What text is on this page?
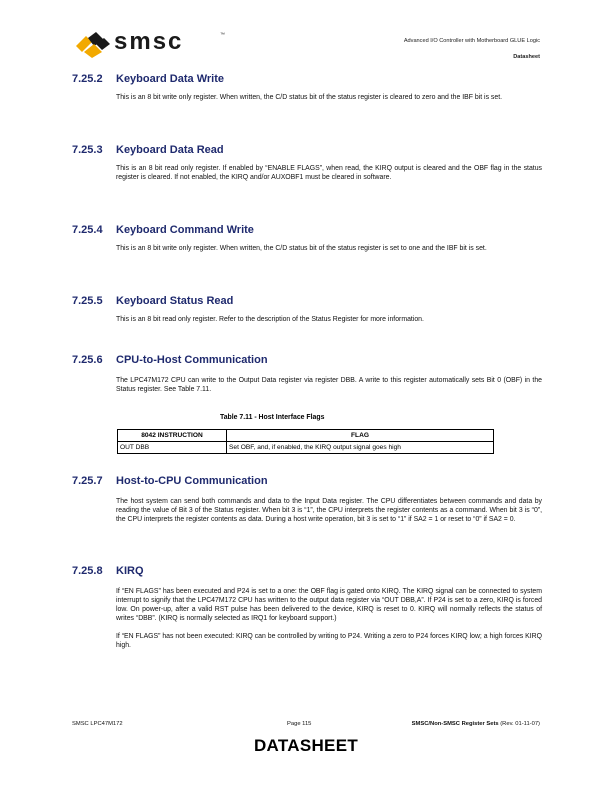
smsc	™
Advanced I/O Controller with Motherboard GLUE Logic
Datasheet
7.25.2 Keyboard Data Write
This is an 8 bit write only register. When written, the C/D status bit of the status register is cleared to zero and the IBF bit is set.
7.25.3 Keyboard Data Read
This is an 8 bit read only register. If enabled by “ENABLE FLAGS”, when read, the KIRQ output is cleared and the OBF flag in the status register is cleared. If not enabled, the KIRQ and/or AUXOBF1 must be cleared in software.
7.25.4 Keyboard Command Write
This is an 8 bit write only register. When written, the C/D status bit of the status register is set to one and the IBF bit is set.
7.25.5 Keyboard Status Read
This is an 8 bit read only register. Refer to the description of the Status Register for more information.
7.25.6 CPU-to-Host Communication
The LPC47M172 CPU can write to the Output Data register via register DBB. A write to this register automatically sets Bit 0 (OBF) in the Status register. See Table 7.11.
Table 7.11 - Host Interface Flags
8042 INSTRUCTION	FLAG
OUT DBB	Set OBF, and, if enabled, the KIRQ output signal goes high
7.25.7 Host-to-CPU Communication
The host system can send both commands and data to the Input Data register. The CPU differentiates between commands and data by reading the value of Bit 3 of the Status register. When bit 3 is “1”, the CPU interprets the register contents as a command. When bit 3 is “0”, the CPU interprets the register contents as data. During a host write operation, bit 3 is set to “1” if SA2 = 1 or reset to “0” if SA2 = 0.
7.25.8 KIRQ
If “EN FLAGS” has been executed and P24 is set to a one: the OBF flag is gated onto KIRQ. The KIRQ signal can be connected to system interrupt to signify that the LPC47M172 CPU has written to the output data register via “OUT DBB,A”. If P24 is set to a zero, KIRQ is forced low. On power-up, after a valid RST pulse has been delivered to the device, KIRQ is reset to 0. KIRQ will normally reflects the status of writes “DBB”. (KIRQ is normally selected as IRQ1 for keyboard support.)
If “EN FLAGS” has not been executed: KIRQ can be controlled by writing to P24. Writing a zero to P24 forces KIRQ low; a high forces KIRQ high.
SMSC LPC47M172	Page 115	SMSC/Non-SMSC Register Sets (Rev. 01-11-07)
DATASHEET
